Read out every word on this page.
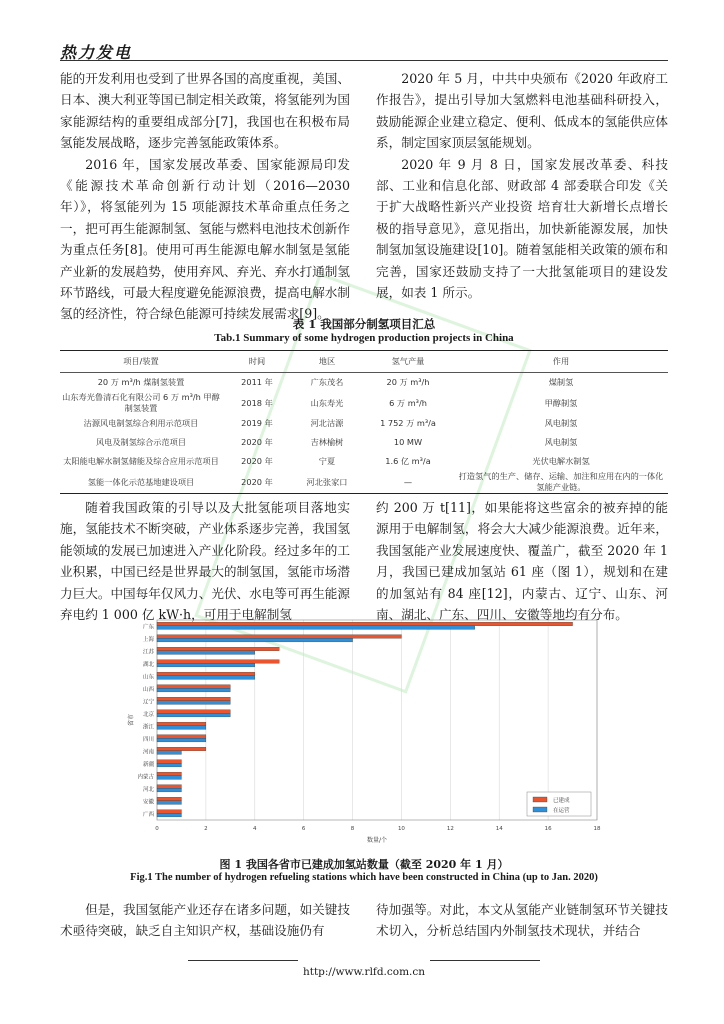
热力发电

能的开发利用也受到了世界各国的高度重视，美国、日本、澳大利亚等国已制定相关政策，将氢能列为国家能源结构的重要组成部分[7]，我国也在积极布局氢能发展战略，逐步完善氢能政策体系。

2016 年，国家发展改革委、国家能源局印发《能源技术革命创新行动计划（2016—2030 年）》，将氢能列为 15 项能源技术革命重点任务之一，把可再生能源制氢、氢能与燃料电池技术创新作为重点任务[8]。使用可再生能源电解水制氢是氢能产业新的发展趋势，使用弃风、弃光、弃水打通制氢环节路线，可最大程度避免能源浪费，提高电解水制氢的经济性，符合绿色能源可持续发展需求[9]。

2020 年 5 月，中共中央颁布《2020 年政府工作报告》，提出引导加大氢燃料电池基础科研投入，鼓励能源企业建立稳定、便利、低成本的氢能供应体系，制定国家顶层氢能规划。

2020 年 9 月 8 日，国家发展改革委、科技部、工业和信息化部、财政部 4 部委联合印发《关于扩大战略性新兴产业投资 培育壮大新增长点增长极的指导意见》，意见指出，加快新能源发展，加快制氢加氢设施建设[10]。随着氢能相关政策的颁布和完善，国家还鼓励支持了一大批氢能项目的建设发展，如表 1 所示。

表 1 我国部分制氢项目汇总
Tab.1 Summary of some hydrogen production projects in China
项目/装置	时间	地区	氢气产量	作用
20 万 m³/h 煤制氢装置	2011 年	广东茂名	20 万 m³/h	煤制氢
山东寿光鲁清石化有限公司 6 万 m³/h 甲醇制氢装置	2018 年	山东寿光	6 万 m³/h	甲醇制氢
沽源风电制氢综合利用示范项目	2019 年	河北沽源	1 752 万 m³/a	风电制氢
风电及制氢综合示范项目	2020 年	吉林榆树	10 MW	风电制氢
太阳能电解水制氢储能及综合应用示范项目	2020 年	宁夏	1.6 亿 m³/a	光伏电解水制氢
氢能一体化示范基地建设项目	2020 年	河北张家口	—	打造氢气的生产、储存、运输、加注和应用在内的一体化氢能产业链。

随着我国政策的引导以及大批氢能项目落地实施，氢能技术不断突破，产业体系逐步完善，我国氢能领域的发展已加速进入产业化阶段。经过多年的工业积累，中国已经是世界最大的制氢国，氢能市场潜力巨大。中国每年仅风力、光伏、水电等可再生能源弃电约 1 000 亿 kW·h，可用于电解制氢

约 200 万 t[11]，如果能将这些富余的被弃掉的能源用于电解制氢，将会大大减少能源浪费。近年来，我国氢能产业发展速度快、覆盖广，截至 2020 年 1 月，我国已建成加氢站 61 座（图 1），规划和在建的加氢站有 84 座[12]，内蒙古、辽宁、山东、河南、湖北、广东、四川、安徽等地均有分布。

0	2	4	6	8	10	12	14	16	18
广东
上海
江苏
湖北
山东
山西
辽宁
北京
浙江
四川
河南
新疆
内蒙古
河北
安徽
广西
数量/个
省市
已建成
在运营
图 1 我国各省市已建成加氢站数量（截至 2020 年 1 月）
Fig.1 The number of hydrogen refueling stations which have been constructed in China (up to Jan. 2020)

但是，我国氢能产业还存在诸多问题，如关键技术亟待突破，缺乏自主知识产权，基础设施仍有

待加强等。对此，本文从氢能产业链制氢环节关键技术切入，分析总结国内外制氢技术现状，并结合

http://www.rlfd.com.cn
